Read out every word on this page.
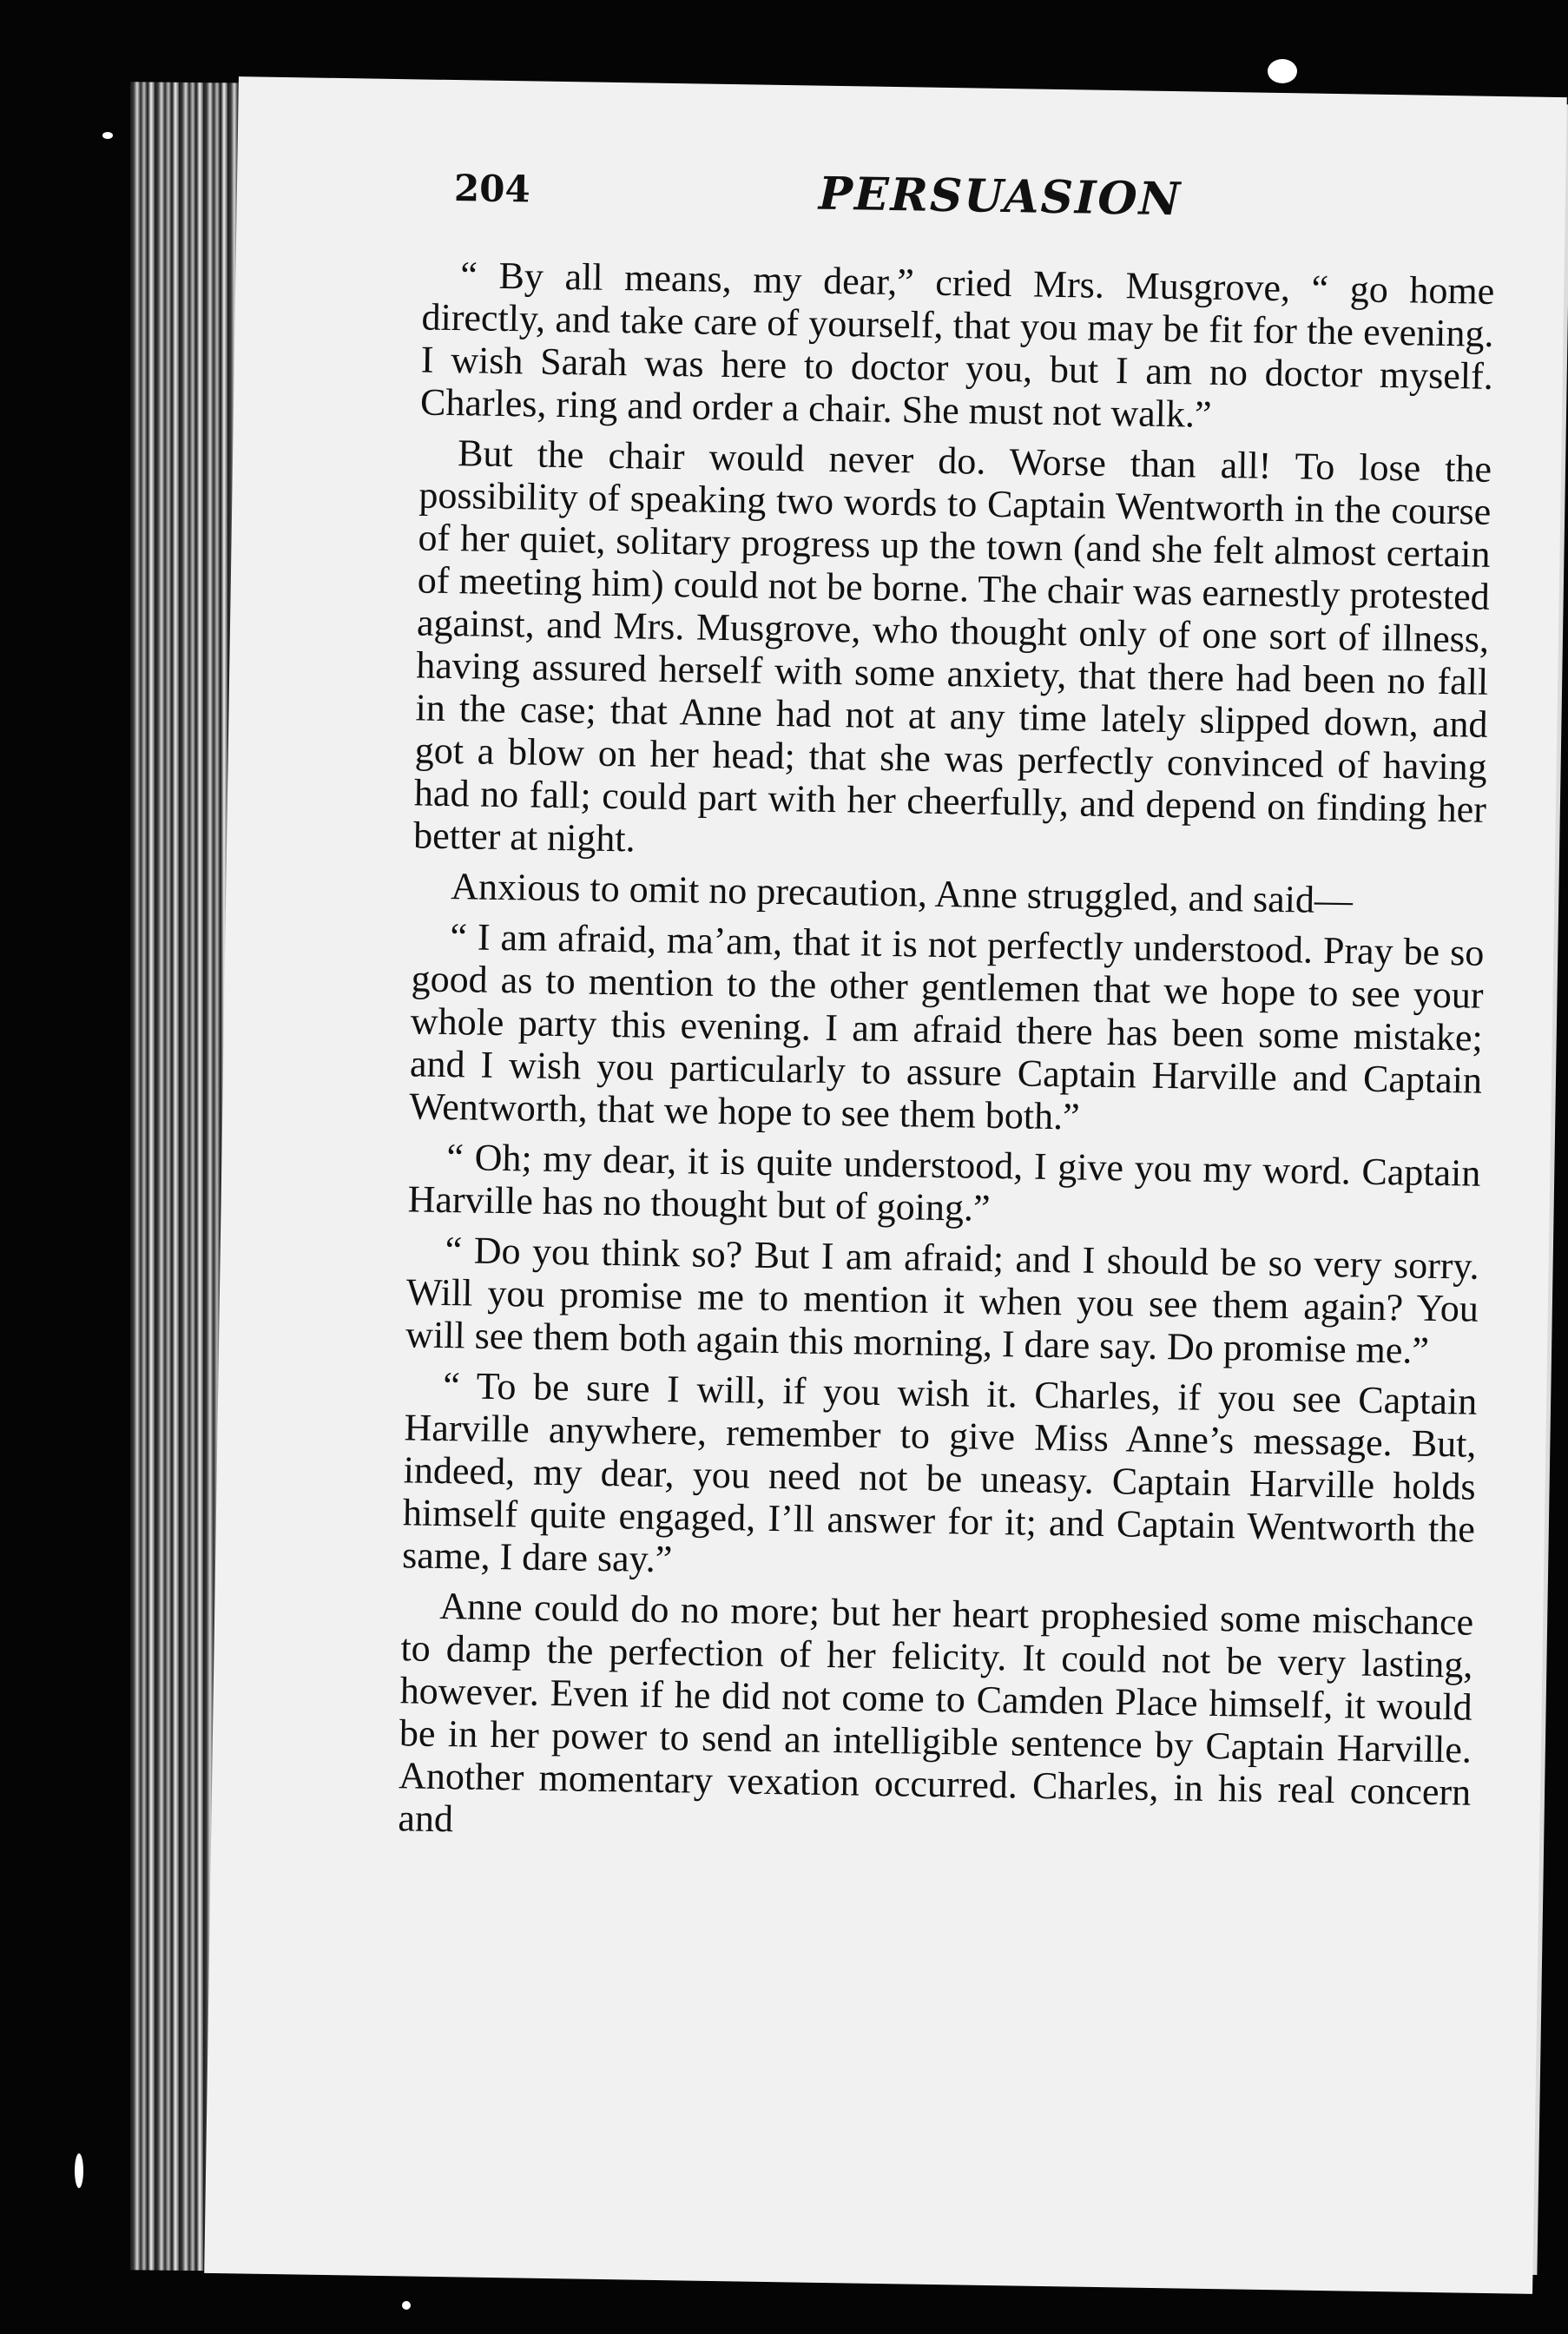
204	PERSUASION

“ By all means, my dear,” cried Mrs. Musgrove, “ go home directly, and take care of yourself, that you may be fit for the evening. I wish Sarah was here to doctor you, but I am no doctor myself. Charles, ring and order a chair. She must not walk.”

But the chair would never do. Worse than all! To lose the possibility of speaking two words to Captain Wentworth in the course of her quiet, solitary progress up the town (and she felt almost certain of meeting him) could not be borne. The chair was earnestly protested against, and Mrs. Musgrove, who thought only of one sort of illness, having assured herself with some anxiety, that there had been no fall in the case; that Anne had not at any time lately slipped down, and got a blow on her head; that she was perfectly convinced of having had no fall; could part with her cheerfully, and depend on finding her better at night.

Anxious to omit no precaution, Anne struggled, and said—

“ I am afraid, ma’am, that it is not perfectly understood. Pray be so good as to mention to the other gentlemen that we hope to see your whole party this evening. I am afraid there has been some mistake; and I wish you particularly to assure Captain Harville and Captain Wentworth, that we hope to see them both.”

“ Oh; my dear, it is quite understood, I give you my word. Captain Harville has no thought but of going.”

“ Do you think so? But I am afraid; and I should be so very sorry. Will you promise me to mention it when you see them again? You will see them both again this morning, I dare say. Do promise me.”

“ To be sure I will, if you wish it. Charles, if you see Captain Harville anywhere, remember to give Miss Anne’s message. But, indeed, my dear, you need not be uneasy. Captain Harville holds himself quite engaged, I’ll answer for it; and Captain Wentworth the same, I dare say.”

Anne could do no more; but her heart prophesied some mischance to damp the perfection of her felicity. It could not be very lasting, however. Even if he did not come to Camden Place himself, it would be in her power to send an intelligible sentence by Captain Harville. Another momentary vexation occurred. Charles, in his real concern and
